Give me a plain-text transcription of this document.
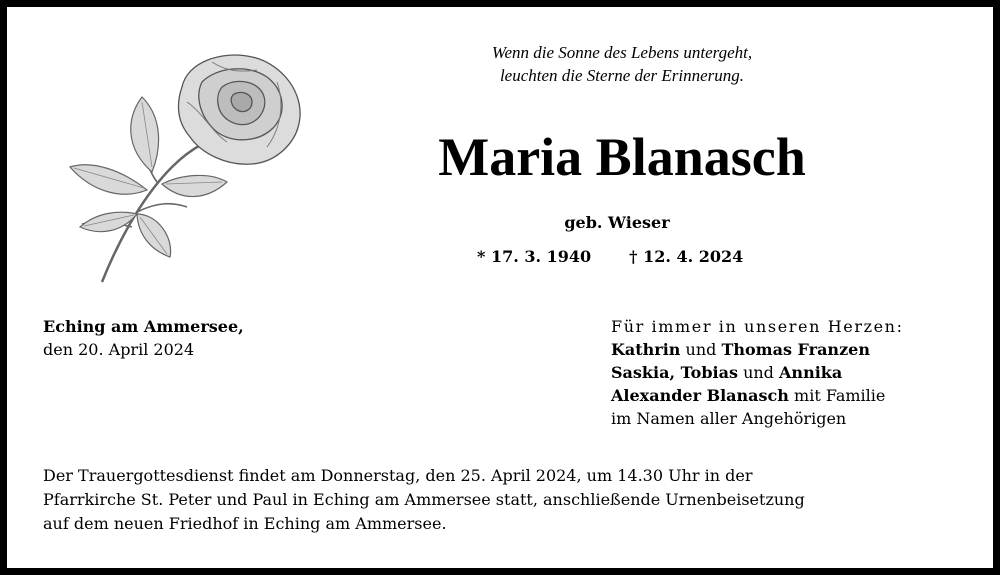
Wenn die Sonne des Lebens untergeht,
leuchten die Sterne der Erinnerung.
Maria Blanasch
geb. Wieser
* 17. 3. 1940 † 12. 4. 2024
Eching am Ammersee,
den 20. April 2024
Für immer in unseren Herzen:
Kathrin und Thomas Franzen
Saskia, Tobias und Annika
Alexander Blanasch mit Familie
im Namen aller Angehörigen
Der Trauergottesdienst findet am Donnerstag, den 25. April 2024, um 14.30 Uhr in der
Pfarrkirche St. Peter und Paul in Eching am Ammersee statt, anschließende Urnenbeisetzung
auf dem neuen Friedhof in Eching am Ammersee.
